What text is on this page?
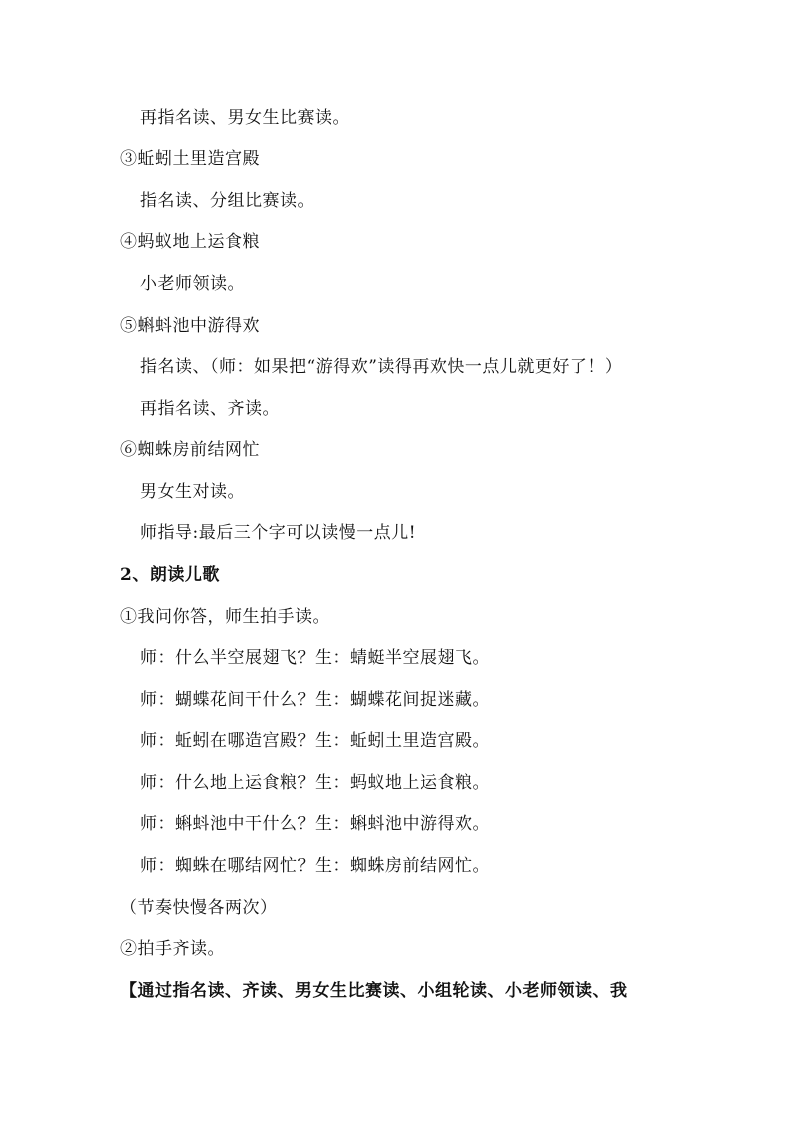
再指名读、男女生比赛读。
③蚯蚓土里造宫殿
指名读、分组比赛读。
④蚂蚁地上运食粮
小老师领读。
⑤蝌蚪池中游得欢
指名读、（师：如果把“游得欢”读得再欢快一点儿就更好了！）
再指名读、齐读。
⑥蜘蛛房前结网忙
男女生对读。
师指导:最后三个字可以读慢一点儿!
2、朗读儿歌
①我问你答，师生拍手读。
师：什么半空展翅飞？生：蜻蜓半空展翅飞。
师：蝴蝶花间干什么？生：蝴蝶花间捉迷藏。
师：蚯蚓在哪造宫殿？生：蚯蚓土里造宫殿。
师：什么地上运食粮？生：蚂蚁地上运食粮。
师：蝌蚪池中干什么？生：蝌蚪池中游得欢。
师：蜘蛛在哪结网忙？生：蜘蛛房前结网忙。
（节奏快慢各两次）
②拍手齐读。
【通过指名读、齐读、男女生比赛读、小组轮读、小老师领读、我
